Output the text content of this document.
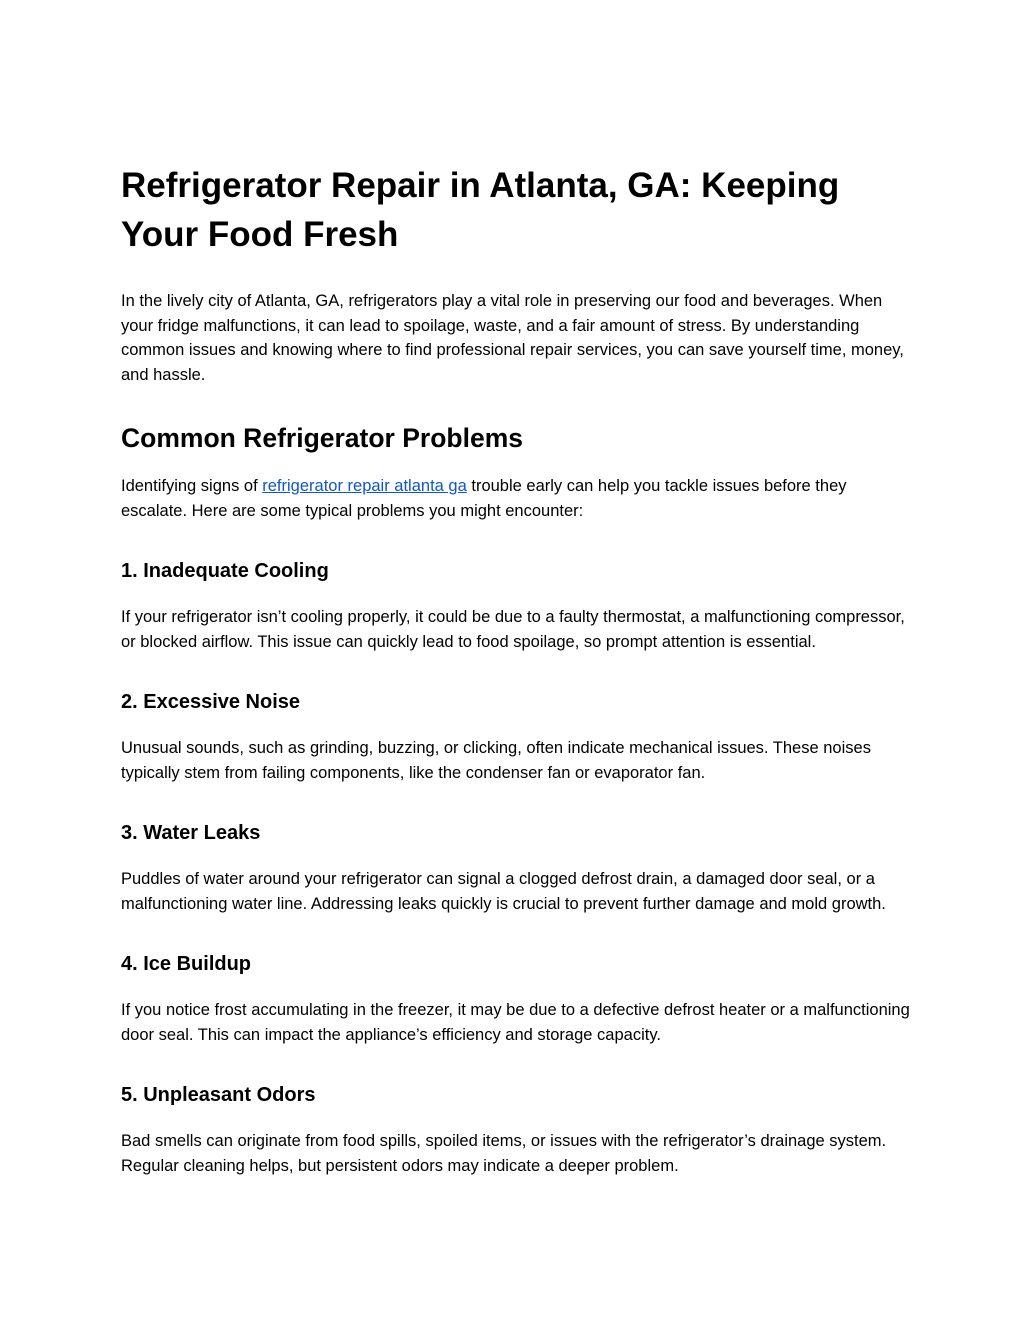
Refrigerator Repair in Atlanta, GA: Keeping Your Food Fresh

In the lively city of Atlanta, GA, refrigerators play a vital role in preserving our food and beverages. When your fridge malfunctions, it can lead to spoilage, waste, and a fair amount of stress. By understanding common issues and knowing where to find professional repair services, you can save yourself time, money, and hassle.

Common Refrigerator Problems

Identifying signs of refrigerator repair atlanta ga trouble early can help you tackle issues before they escalate. Here are some typical problems you might encounter:

1. Inadequate Cooling

If your refrigerator isn’t cooling properly, it could be due to a faulty thermostat, a malfunctioning compressor, or blocked airflow. This issue can quickly lead to food spoilage, so prompt attention is essential.

2. Excessive Noise

Unusual sounds, such as grinding, buzzing, or clicking, often indicate mechanical issues. These noises typically stem from failing components, like the condenser fan or evaporator fan.

3. Water Leaks

Puddles of water around your refrigerator can signal a clogged defrost drain, a damaged door seal, or a malfunctioning water line. Addressing leaks quickly is crucial to prevent further damage and mold growth.

4. Ice Buildup

If you notice frost accumulating in the freezer, it may be due to a defective defrost heater or a malfunctioning door seal. This can impact the appliance’s efficiency and storage capacity.

5. Unpleasant Odors

Bad smells can originate from food spills, spoiled items, or issues with the refrigerator’s drainage system. Regular cleaning helps, but persistent odors may indicate a deeper problem.
